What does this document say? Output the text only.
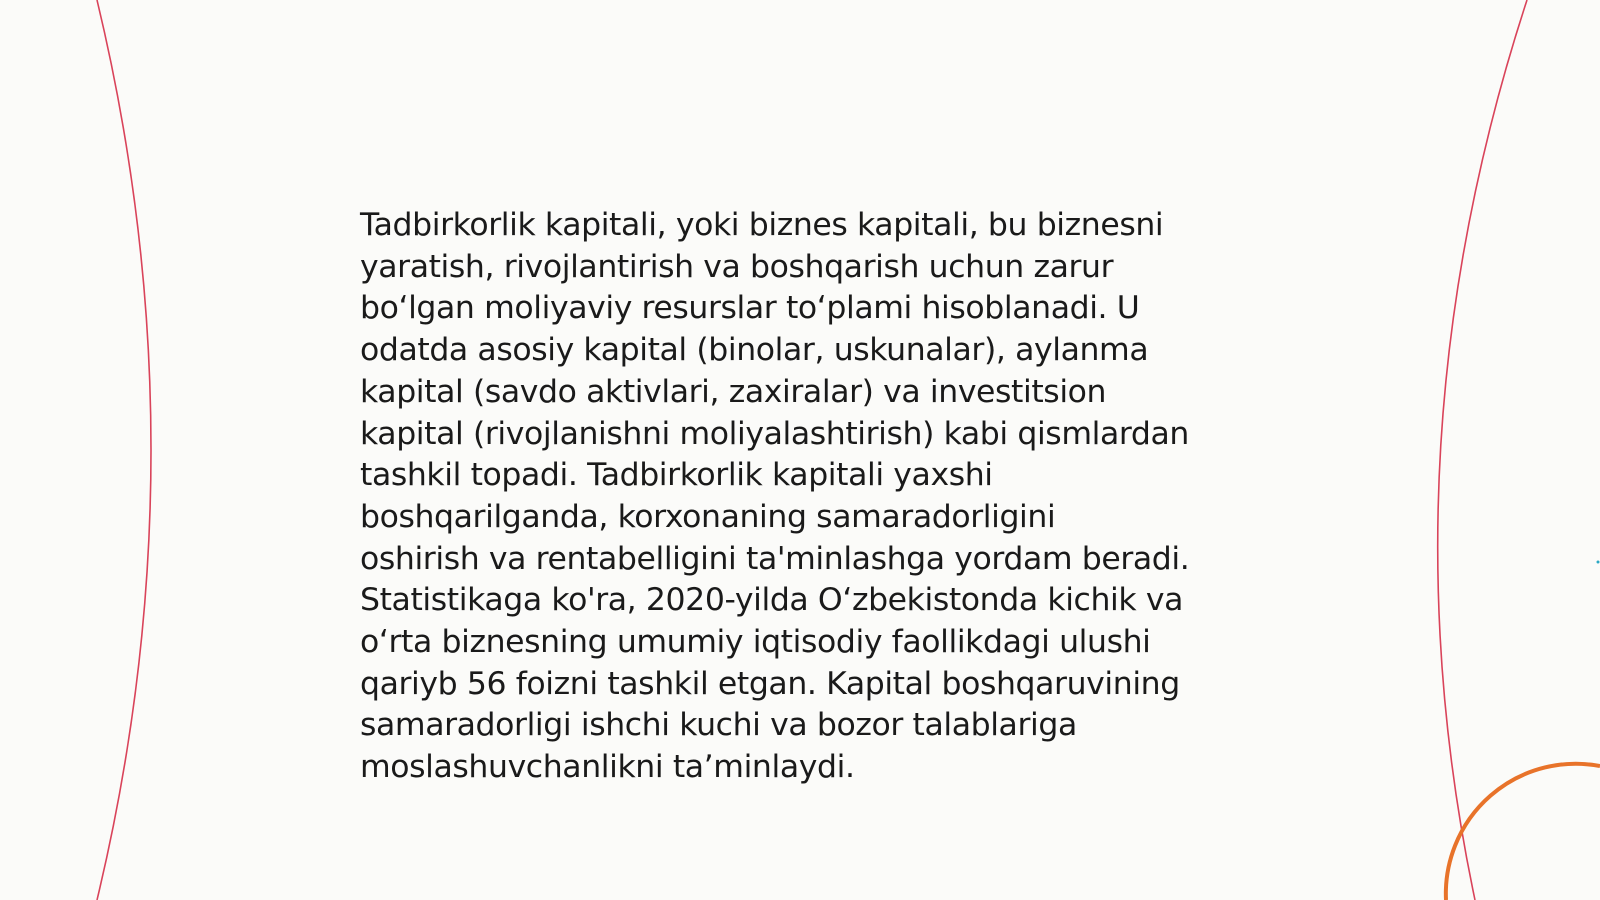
Tadbirkorlik kapitali, yoki biznes kapitali, bu biznesni
yaratish, rivojlantirish va boshqarish uchun zarur
bo‘lgan moliyaviy resurslar to‘plami hisoblanadi. U
odatda asosiy kapital (binolar, uskunalar), aylanma
kapital (savdo aktivlari, zaxiralar) va investitsion
kapital (rivojlanishni moliyalashtirish) kabi qismlardan
tashkil topadi. Tadbirkorlik kapitali yaxshi
boshqarilganda, korxonaning samaradorligini
oshirish va rentabelligini ta'minlashga yordam beradi.
Statistikaga ko'ra, 2020-yilda O‘zbekistonda kichik va
o‘rta biznesning umumiy iqtisodiy faollikdagi ulushi
qariyb 56 foizni tashkil etgan. Kapital boshqaruvining
samaradorligi ishchi kuchi va bozor talablariga
moslashuvchanlikni ta’minlaydi.
